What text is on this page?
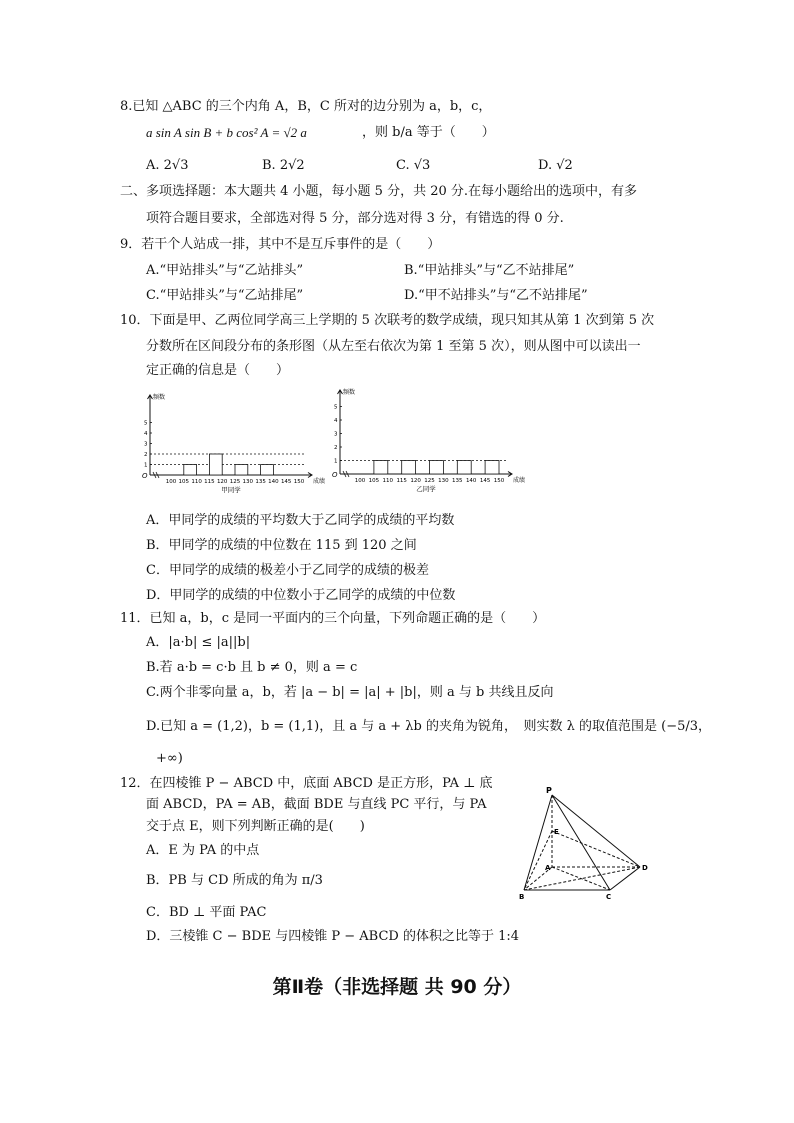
8.已知 △ABC 的三个内角 A，B，C 所对的边分别为 a，b，c，
a sin A sin B + b cos² A = √2 a	，则 b/a 等于（　　）
A. 2√3	B. 2√2	C. √3	D. √2
二、多项选择题：本大题共 4 小题，每小题 5 分，共 20 分.在每小题给出的选项中，有多
项符合题目要求，全部选对得 5 分，部分选对得 3 分，有错选的得 0 分.
9．若干个人站成一排，其中不是互斥事件的是（　　）
A.“甲站排头”与“乙站排头”	B.“甲站排头”与“乙不站排尾”
C.“甲站排头”与“乙站排尾”	D.“甲不站排头”与“乙不站排尾”
10．下面是甲、乙两位同学高三上学期的 5 次联考的数学成绩，现只知其从第 1 次到第 5 次
分数所在区间段分布的条形图（从左至右依次为第 1 至第 5 次），则从图中可以读出一
定正确的信息是（　　）
频数
成绩
O
1
2
3
4
5
100 105 110 115 120 125 130 135 140 145 150
甲同学
频数
成绩
O
1
2
3
4
5
100 105 110 115 120 125 130 135 140 145 150
乙同学
A．甲同学的成绩的平均数大于乙同学的成绩的平均数
B．甲同学的成绩的中位数在 115 到 120 之间
C．甲同学的成绩的极差小于乙同学的成绩的极差
D．甲同学的成绩的中位数小于乙同学的成绩的中位数
11．已知 a，b，c 是同一平面内的三个向量，下列命题正确的是（　　）
A．|a·b| ≤ |a||b|
B.若 a·b = c·b 且 b ≠ 0，则 a = c
C.两个非零向量 a，b，若 |a − b| = |a| + |b|，则 a 与 b 共线且反向
D.已知 a = (1,2)，b = (1,1)，且 a 与 a + λb 的夹角为锐角，　则实数 λ 的取值范围是 (−5/3，
+∞)
12．在四棱锥 P − ABCD 中，底面 ABCD 是正方形，PA ⊥ 底
面 ABCD，PA = AB，截面 BDE 与直线 PC 平行，与 PA
交于点 E，则下列判断正确的是(　　)
A．E 为 PA 的中点
B．PB 与 CD 所成的角为 π/3
C．BD ⊥ 平面 PAC
D．三棱锥 C − BDE 与四棱锥 P − ABCD 的体积之比等于 1:4
P
E
A
B	C
D
第Ⅱ卷（非选择题 共 90 分）
